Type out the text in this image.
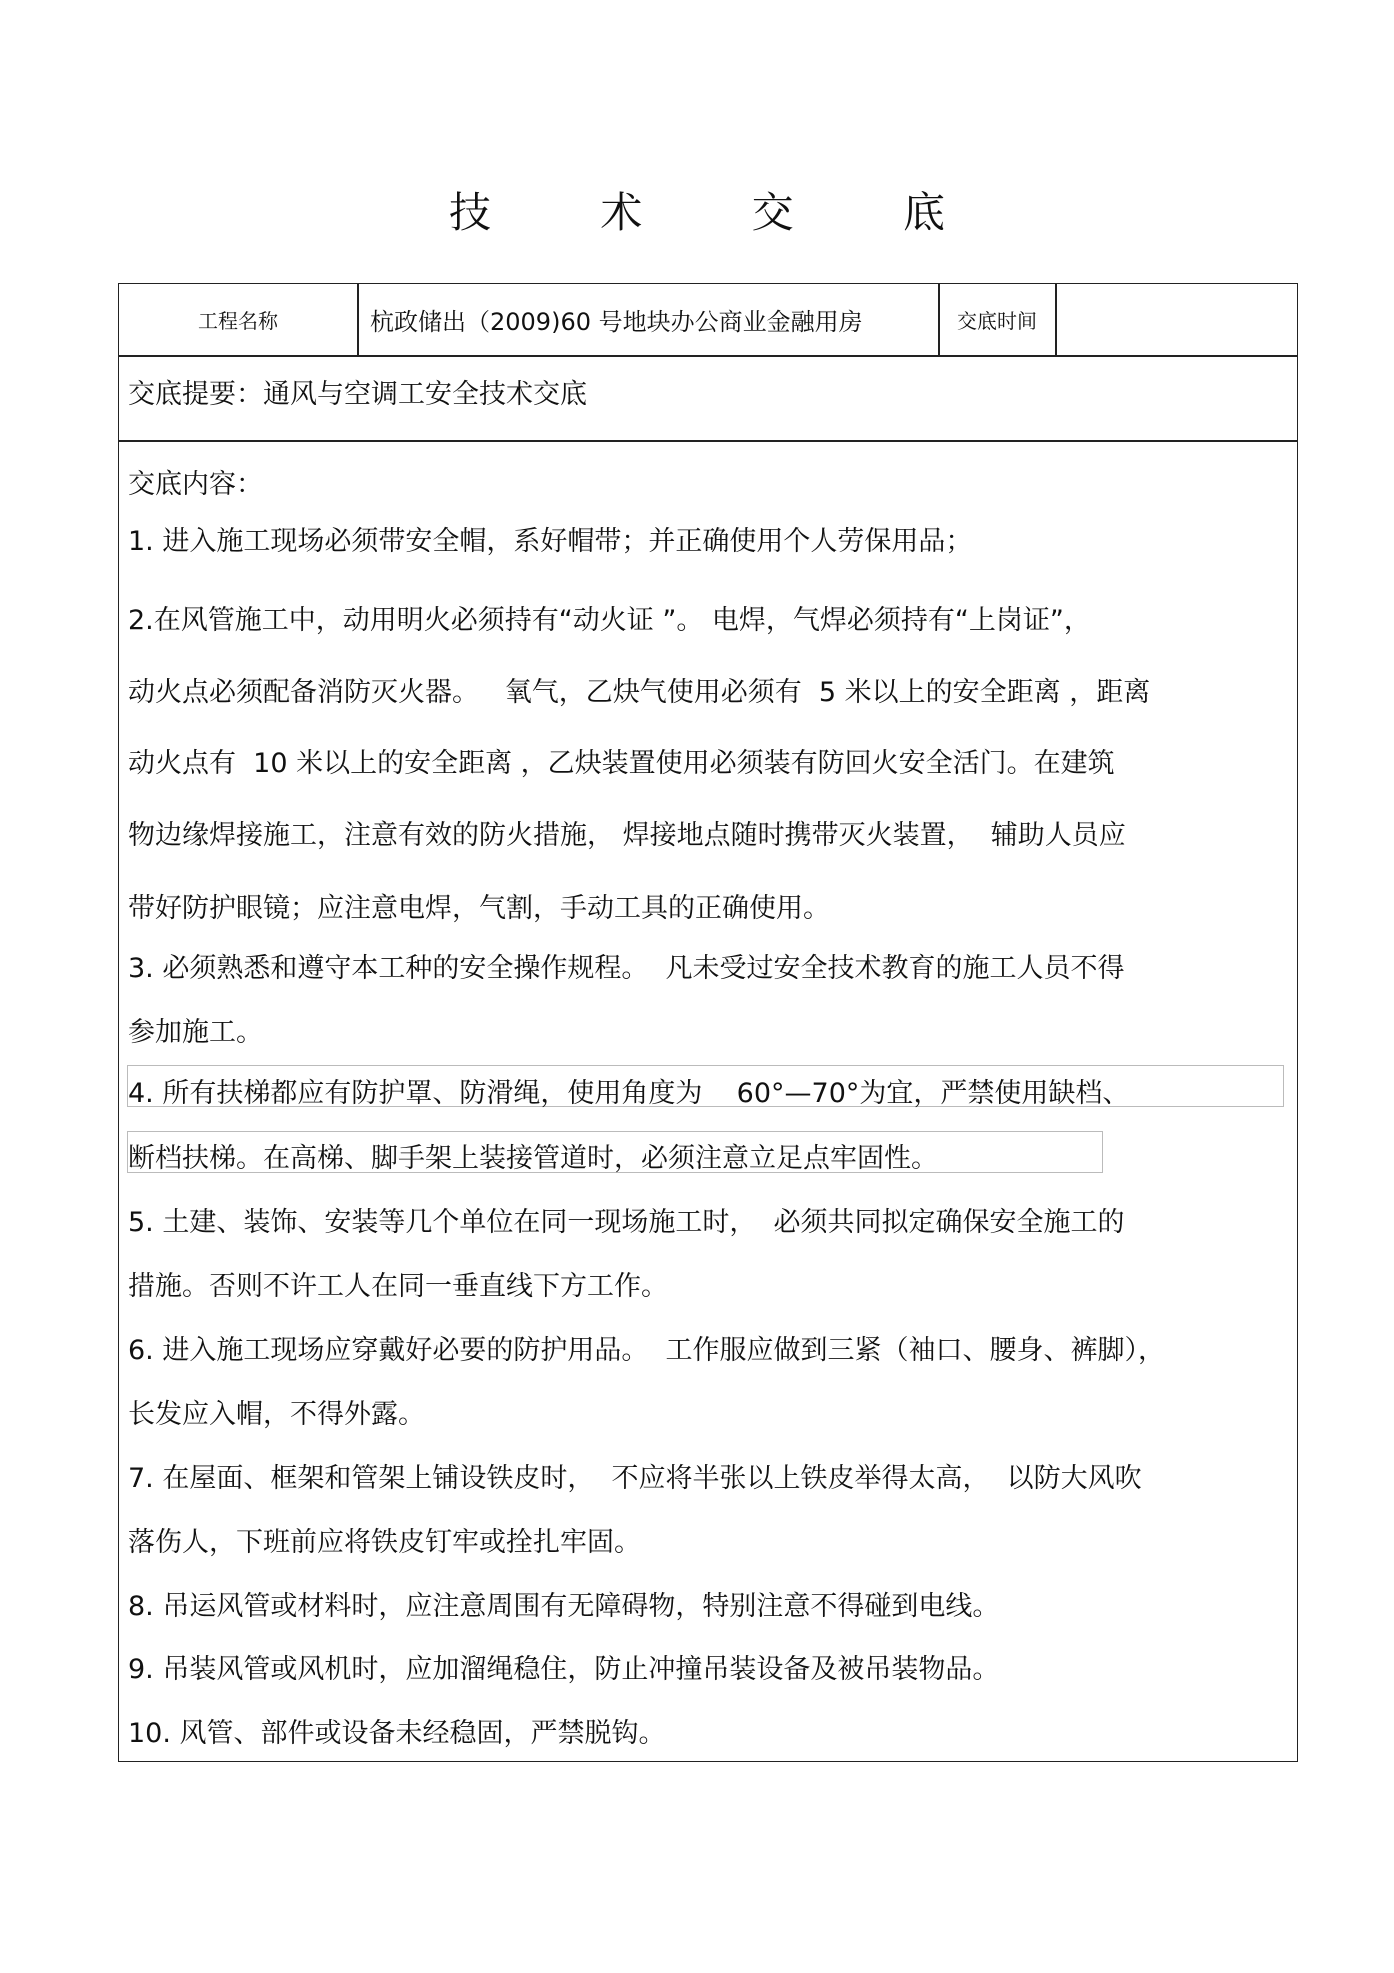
技 术 交 底
工程名称	杭政储出（2009)60 号地块办公商业金融用房	交底时间
交底提要：通风与空调工安全技术交底
交底内容：
1. 进入施工现场必须带安全帽，系好帽带；并正确使用个人劳保用品；
2.在风管施工中，动用明火必须持有“动火证 ”。 电焊，气焊必须持有“上岗证”，
动火点必须配备消防灭火器。   氧气，乙炔气使用必须有  5 米以上的安全距离 ，距离
动火点有  10 米以上的安全距离 ，乙炔装置使用必须装有防回火安全活门。在建筑
物边缘焊接施工，注意有效的防火措施， 焊接地点随时携带灭火装置，  辅助人员应
带好防护眼镜；应注意电焊，气割，手动工具的正确使用。
3. 必须熟悉和遵守本工种的安全操作规程。  凡未受过安全技术教育的施工人员不得
参加施工。
4. 所有扶梯都应有防护罩、防滑绳，使用角度为    60°—70°为宜，严禁使用缺档、
断档扶梯。在高梯、脚手架上装接管道时，必须注意立足点牢固性。
5. 土建、装饰、安装等几个单位在同一现场施工时，  必须共同拟定确保安全施工的
措施。否则不许工人在同一垂直线下方工作。
6. 进入施工现场应穿戴好必要的防护用品。  工作服应做到三紧（袖口、腰身、裤脚），
长发应入帽，不得外露。
7. 在屋面、框架和管架上铺设铁皮时，  不应将半张以上铁皮举得太高，  以防大风吹
落伤人，下班前应将铁皮钉牢或拴扎牢固。
8. 吊运风管或材料时，应注意周围有无障碍物，特别注意不得碰到电线。
9. 吊装风管或风机时，应加溜绳稳住，防止冲撞吊装设备及被吊装物品。
10. 风管、部件或设备未经稳固，严禁脱钩。
